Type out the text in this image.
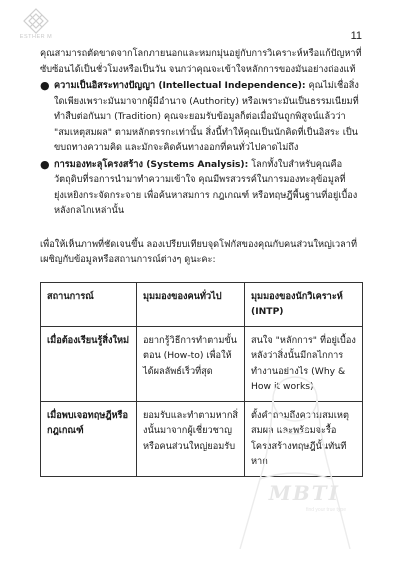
ESTHER M	11

คุณสามารถตัดขาดจากโลกภายนอกและหมกมุ่นอยู่กับการวิเคราะห์หรือแก้ปัญหาที่ซับซ้อนได้เป็นชั่วโมงหรือเป็นวัน จนกว่าคุณจะเข้าใจหลักการของมันอย่างถ่องแท้

● ความเป็นอิสระทางปัญญา (Intellectual Independence): คุณไม่เชื่อสิ่งใดเพียงเพราะมันมาจากผู้มีอำนาจ (Authority) หรือเพราะมันเป็นธรรมเนียมที่ทำสืบต่อกันมา (Tradition) คุณจะยอมรับข้อมูลก็ต่อเมื่อมันถูกพิสูจน์แล้วว่า "สมเหตุสมผล" ตามหลักตรรกะเท่านั้น สิ่งนี้ทำให้คุณเป็นนักคิดที่เป็นอิสระ เป็นขบถทางความคิด และมักจะคิดค้นทางออกที่คนทั่วไปคาดไม่ถึง
● การมองทะลุโครงสร้าง (Systems Analysis): โลกทั้งใบสำหรับคุณคือวัตถุดิบที่รอการนำมาทำความเข้าใจ คุณมีพรสวรรค์ในการมองทะลุข้อมูลที่ยุ่งเหยิงกระจัดกระจาย เพื่อค้นหาสมการ กฎเกณฑ์ หรือทฤษฎีพื้นฐานที่อยู่เบื้องหลังกลไกเหล่านั้น

เพื่อให้เห็นภาพที่ชัดเจนขึ้น ลองเปรียบเทียบจุดโฟกัสของคุณกับคนส่วนใหญ่เวลาที่เผชิญกับข้อมูลหรือสถานการณ์ต่างๆ ดูนะคะ:

สถานการณ์	มุมมองของคนทั่วไป	มุมมองของนักวิเคราะห์ (INTP)
เมื่อต้องเรียนรู้สิ่งใหม่	อยากรู้วิธีการทำตามขั้นตอน (How-to) เพื่อให้ได้ผลลัพธ์เร็วที่สุด	สนใจ "หลักการ" ที่อยู่เบื้องหลังว่าสิ่งนั้นมีกลไกการทำงานอย่างไร (Why & How it works)
เมื่อพบเจอทฤษฎีหรือกฎเกณฑ์	ยอมรับและทำตามหากสิ่งนั้นมาจากผู้เชี่ยวชาญหรือคนส่วนใหญ่ยอมรับ	ตั้งคำถามถึงความสมเหตุสมผล และพร้อมจะรื้อโครงสร้างทฤษฎีนั้นทันทีหาก
MBTI
find your true type
